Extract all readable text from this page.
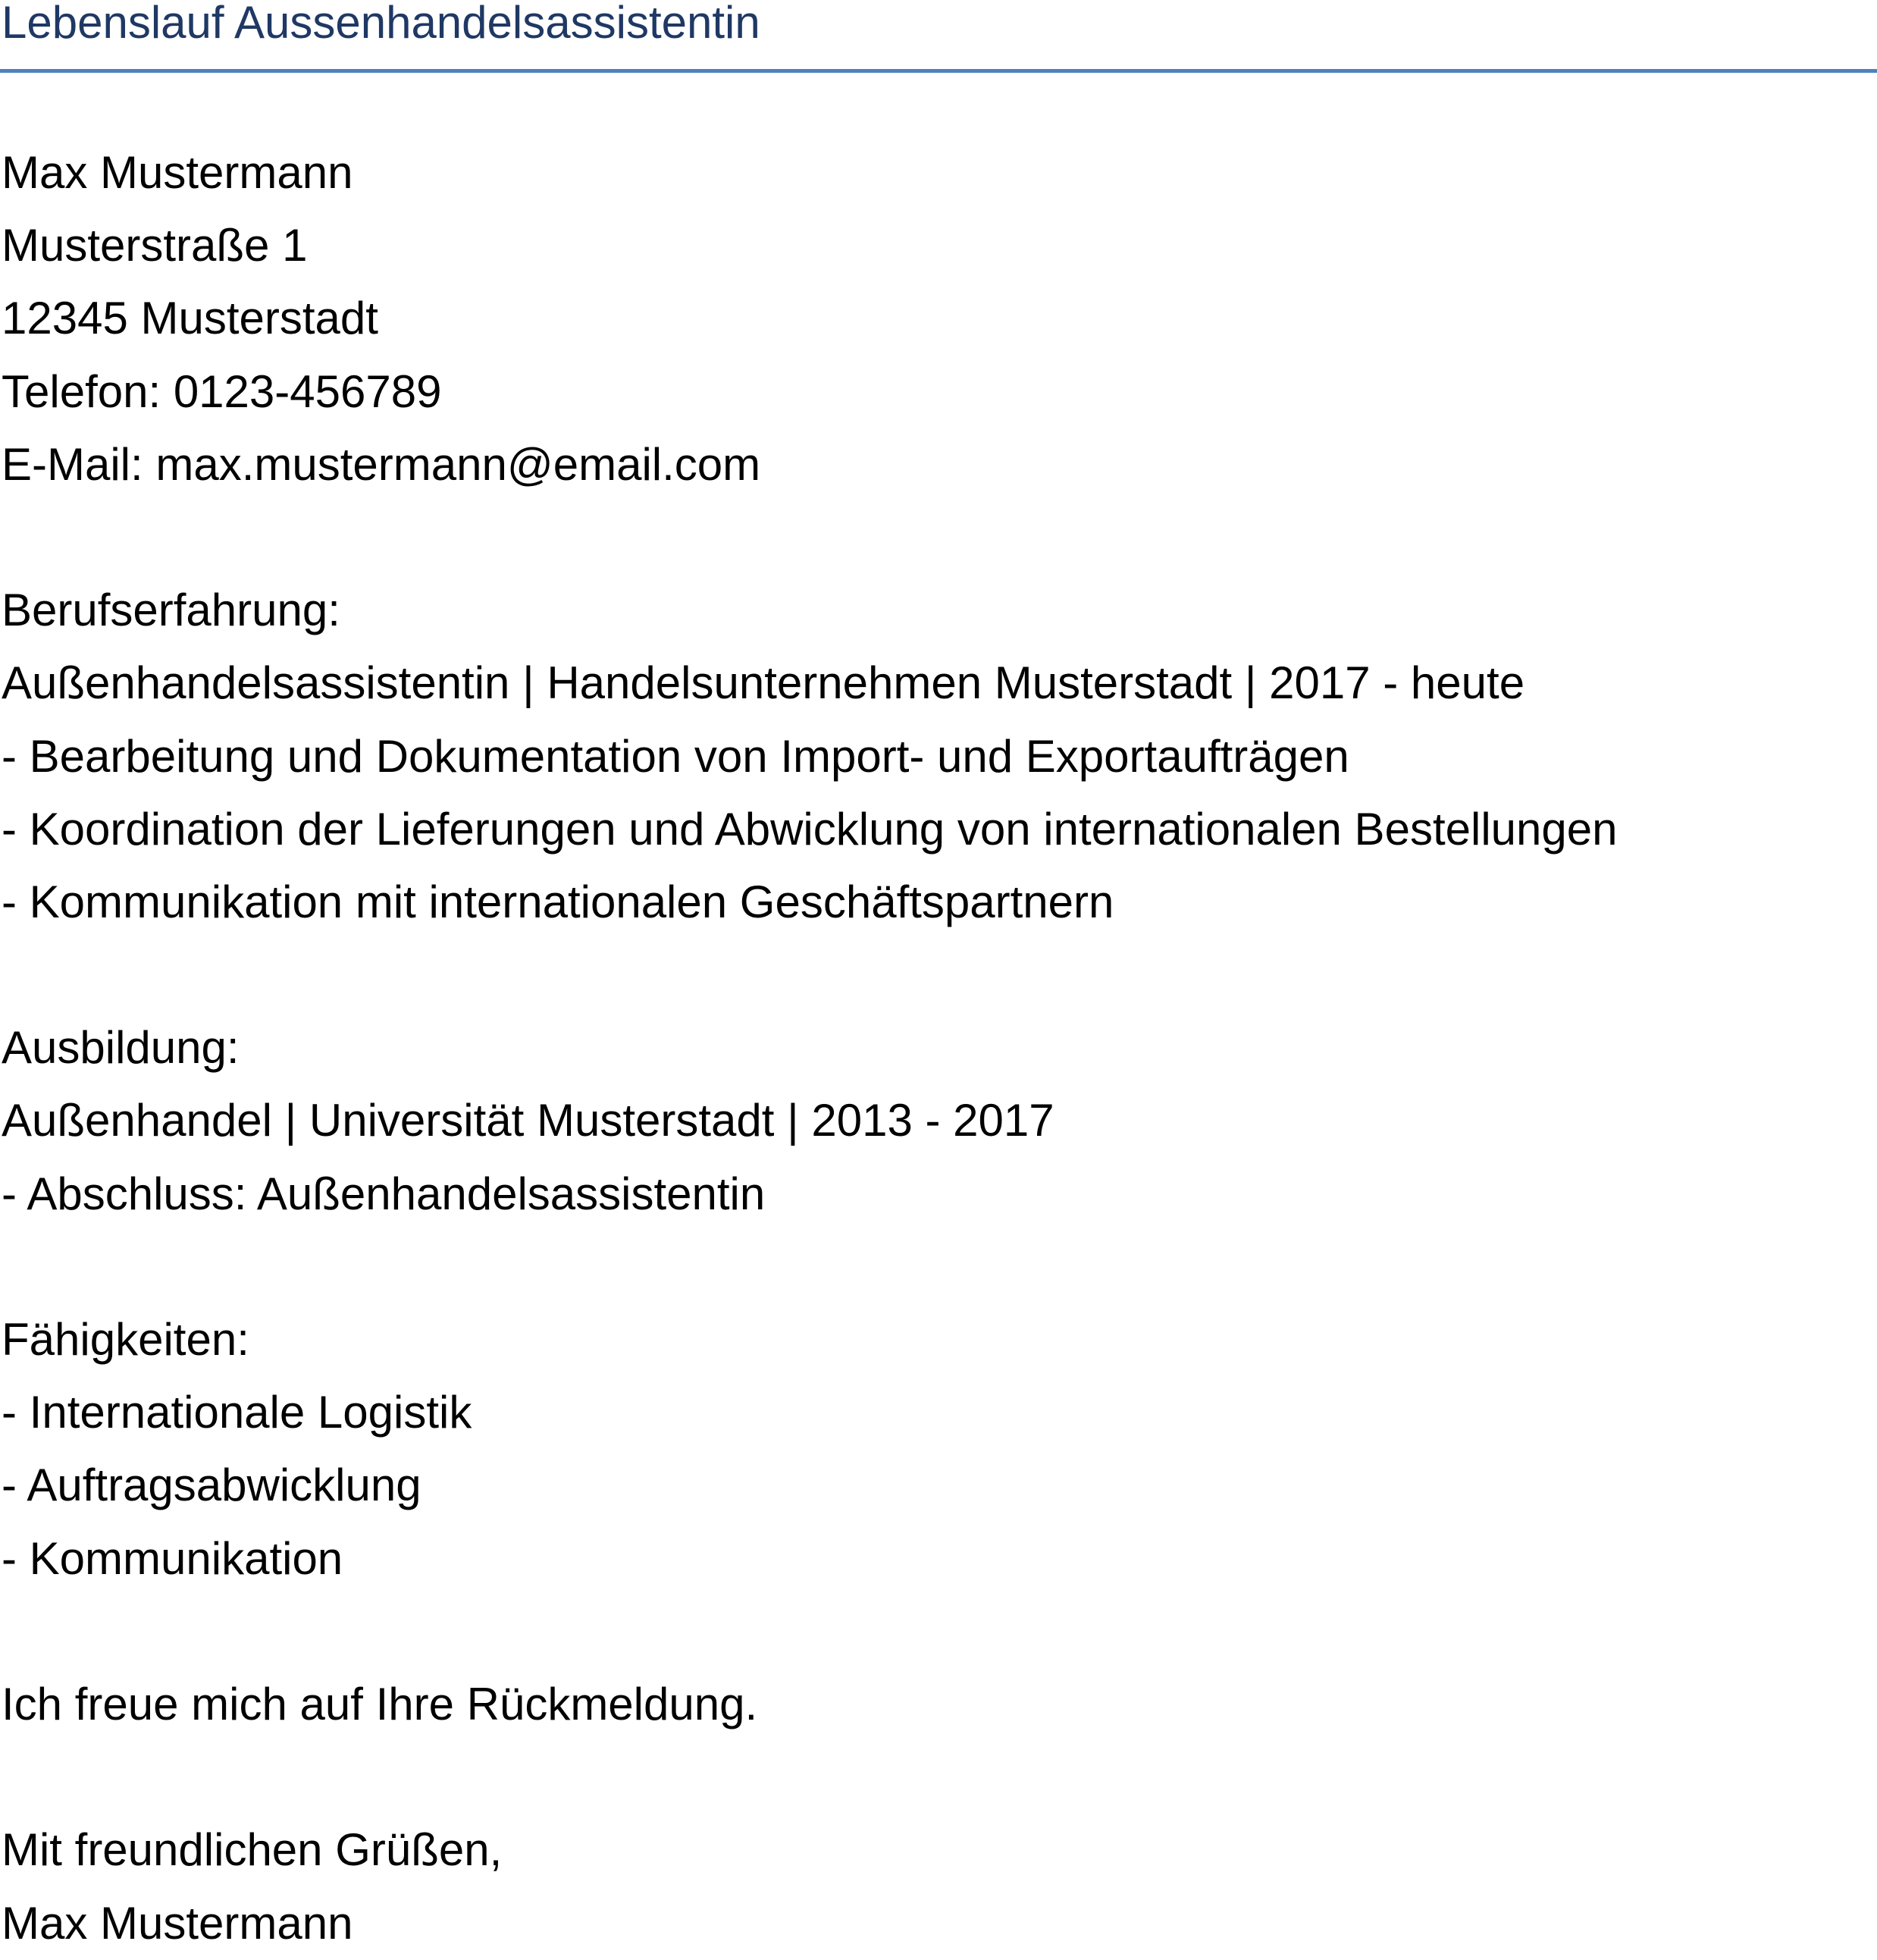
Lebenslauf Aussenhandelsassistentin
Max Mustermann
Musterstraße 1
12345 Musterstadt
Telefon: 0123-456789
E-Mail: max.mustermann@email.com
Berufserfahrung:
Außenhandelsassistentin | Handelsunternehmen Musterstadt | 2017 - heute
- Bearbeitung und Dokumentation von Import- und Exportaufträgen
- Koordination der Lieferungen und Abwicklung von internationalen Bestellungen
- Kommunikation mit internationalen Geschäftspartnern
Ausbildung:
Außenhandel | Universität Musterstadt | 2013 - 2017
- Abschluss: Außenhandelsassistentin
Fähigkeiten:
- Internationale Logistik
- Auftragsabwicklung
- Kommunikation
Ich freue mich auf Ihre Rückmeldung.
Mit freundlichen Grüßen,
Max Mustermann
